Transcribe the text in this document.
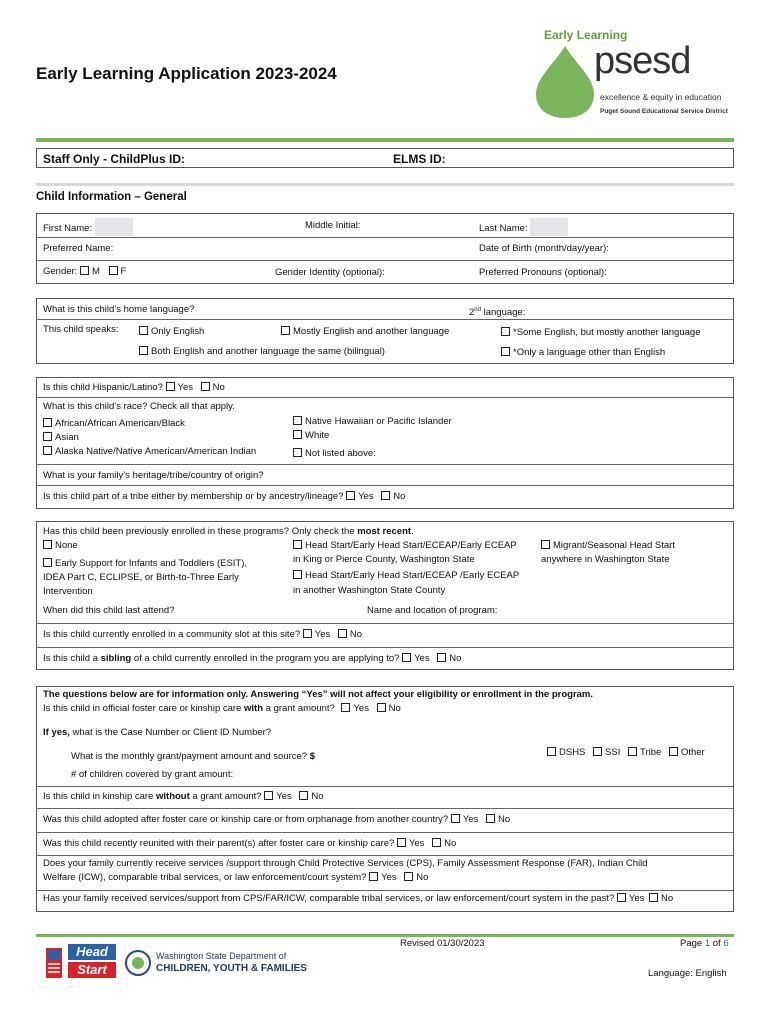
Early Learning Application 2023-2024
Early Learning
psesd
excellence & equity in education
Puget Sound Educational Service District
Staff Only - ChildPlus ID:	ELMS ID:
Child Information – General
First Name:	Middle Initial:	Last Name:
Preferred Name:	Date of Birth (month/day/year):
Gender: M F	Gender Identity (optional):	Preferred Pronouns (optional):
What is this child’s home language?	2nd language:
This child speaks:	Only English	Mostly English and another language	*Some English, but mostly another language
Both English and another language the same (bilingual)	*Only a language other than English
Is this child Hispanic/Latino? Yes No
What is this child’s race? Check all that apply.
African/African American/Black
Asian
Alaska Native/Native American/American Indian
Native Hawaiian or Pacific Islander
White
Not listed above:
What is your family’s heritage/tribe/country of origin?
Is this child part of a tribe either by membership or by ancestry/lineage? Yes No
Has this child been previously enrolled in these programs? Only check the most recent.
None
Early Support for Infants and Toddlers (ESIT),
IDEA Part C, ECLIPSE, or Birth-to-Three Early
Intervention
Head Start/Early Head Start/ECEAP/Early ECEAP
in King or Pierce County, Washington State
Head Start/Early Head Start/ECEAP /Early ECEAP
in another Washington State County
Migrant/Seasonal Head Start
anywhere in Washington State
When did this child last attend?	Name and location of program:
Is this child currently enrolled in a community slot at this site? Yes No
Is this child a sibling of a child currently enrolled in the program you are applying to? Yes No
The questions below are for information only. Answering “Yes” will not affect your eligibility or enrollment in the program.
Is this child in official foster care or kinship care with a grant amount? Yes No
If yes, what is the Case Number or Client ID Number?
What is the monthly grant/payment amount and source? $	DSHS SSI Tribe Other
# of children covered by grant amount:
Is this child in kinship care without a grant amount? Yes No
Was this child adopted after foster care or kinship care or from orphanage from another country? Yes No
Was this child recently reunited with their parent(s) after foster care or kinship care? Yes No
Does your family currently receive services /support through Child Protective Services (CPS), Family Assessment Response (FAR), Indian Child
Welfare (ICW), comparable tribal services, or law enforcement/court system? Yes No
Has your family received services/support from CPS/FAR/ICW, comparable tribal services, or law enforcement/court system in the past? Yes No
Head
Start
Washington State Department of
CHILDREN, YOUTH & FAMILIES
Revised 01/30/2023	Page 1 of 6
Language: English
